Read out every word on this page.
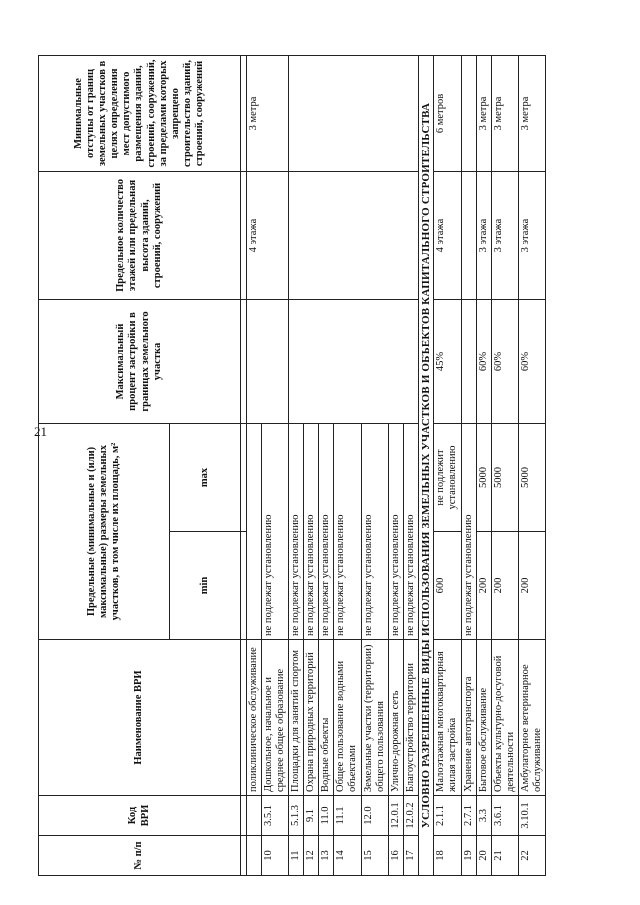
21
№ п/п	Код ВРИ	Наименование ВРИ	Предельные (минимальные и (или) максимальные) размеры земельных участков, в том числе их площадь, м²		Максимальный процент застройки в границах земельного участка	Предельное количество этажей или предельная высота зданий, строений, сооружений	Минимальные отступы от границ земельных участков в целях определения мест допустимого размещения зданий, строений, сооружений, за пределами которых запрещено строительство зданий, строений, сооружений
			min	max			

		поликлиническое обслуживание				4 этажа	3 метра
10	3.5.1	Дошкольное, начальное и среднее общее образование	не подлежат установлению				
11	5.1.3	Площадки для занятий спортом	не подлежат установлению				
12	9.1	Охрана природных территорий	не подлежат установлению				
13	11.0	Водные объекты	не подлежат установлению				
14	11.1	Общее пользование водными объектами	не подлежат установлению				
15	12.0	Земельные участки (территории) общего пользования	не подлежат установлению				
16	12.0.1	Улично-дорожная сеть	не подлежат установлению				
17	12.0.2	Благоустройство территории	не подлежат установлению				
УСЛОВНО РАЗРЕШЕННЫЕ ВИДЫ ИСПОЛЬЗОВАНИЯ ЗЕМЕЛЬНЫХ УЧАСТКОВ И ОБЪЕКТОВ КАПИТАЛЬНОГО СТРОИТЕЛЬСТВА							
18	2.1.1	Малоэтажная многоквартирная жилая застройка	600	не подлежит установлению	45%	4 этажа	6 метров
19	2.7.1	Хранение автотранспорта	не подлежат установлению				
20	3.3	Бытовое обслуживание	200	5000	60%	3 этажа	3 метра
21	3.6.1	Объекты культурно-досуговой деятельности	200	5000	60%	3 этажа	3 метра
22	3.10.1	Амбулаторное ветеринарное обслуживание	200	5000	60%	3 этажа	3 метра
